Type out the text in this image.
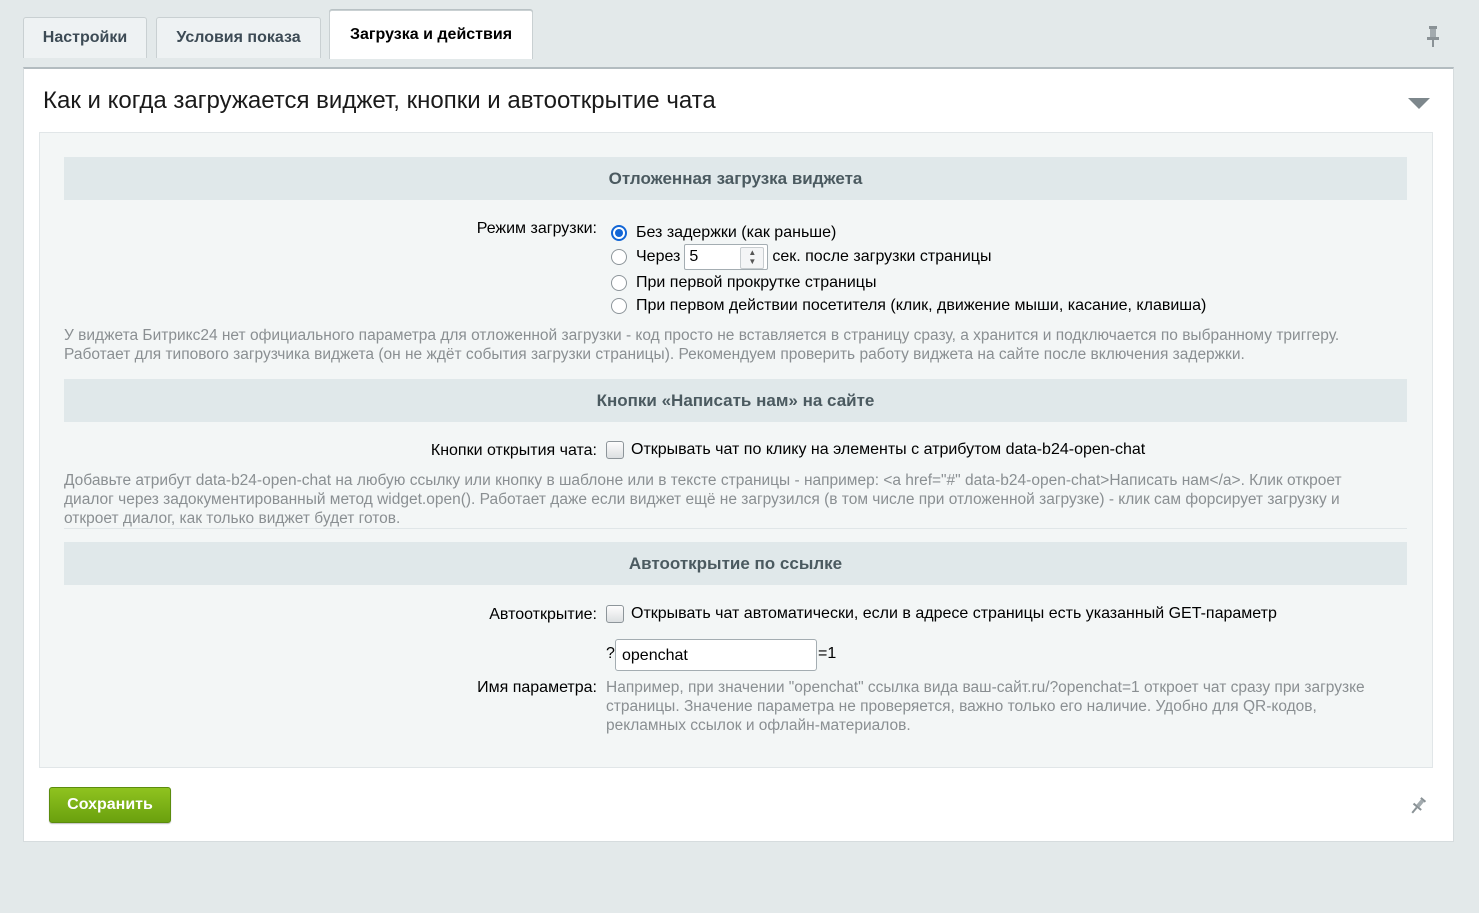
Настройки	Условия показа	Загрузка и действия
Как и когда загружается виджет, кнопки и автооткрытие чата
Отложенная загрузка виджета
Режим загрузки: Без задержки (как раньше)
Через 5	▲
▼	сек. после загрузки страницы
При первой прокрутке страницы
При первом действии посетителя (клик, движение мыши, касание, клавиша)
У виджета Битрикс24 нет официального параметра для отложенной загрузки - код просто не вставляется в страницу сразу, а хранится и подключается по выбранному триггеру.
Работает для типового загрузчика виджета (он не ждёт события загрузки страницы). Рекомендуем проверить работу виджета на сайте после включения задержки.
Кнопки «Написать нам» на сайте
Кнопки открытия чата: Открывать чат по клику на элементы с атрибутом data-b24-open-chat
Добавьте атрибут data-b24-open-chat на любую ссылку или кнопку в шаблоне или в тексте страницы - например: <a href="#" data-b24-open-chat>Написать нам</a>. Клик откроет
диалог через задокументированный метод widget.open(). Работает даже если виджет ещё не загрузился (в том числе при отложенной загрузке) - клик сам форсирует загрузку и
откроет диалог, как только виджет будет готов.
Автооткрытие по ссылке
Автооткрытие: Открывать чат автоматически, если в адресе страницы есть указанный GET-параметр
? openchat	=1
Имя параметра: Например, при значении "openchat" ссылка вида ваш-сайт.ru/?openchat=1 откроет чат сразу при загрузке
страницы. Значение параметра не проверяется, важно только его наличие. Удобно для QR-кодов,
рекламных ссылок и офлайн-материалов.
Сохранить
